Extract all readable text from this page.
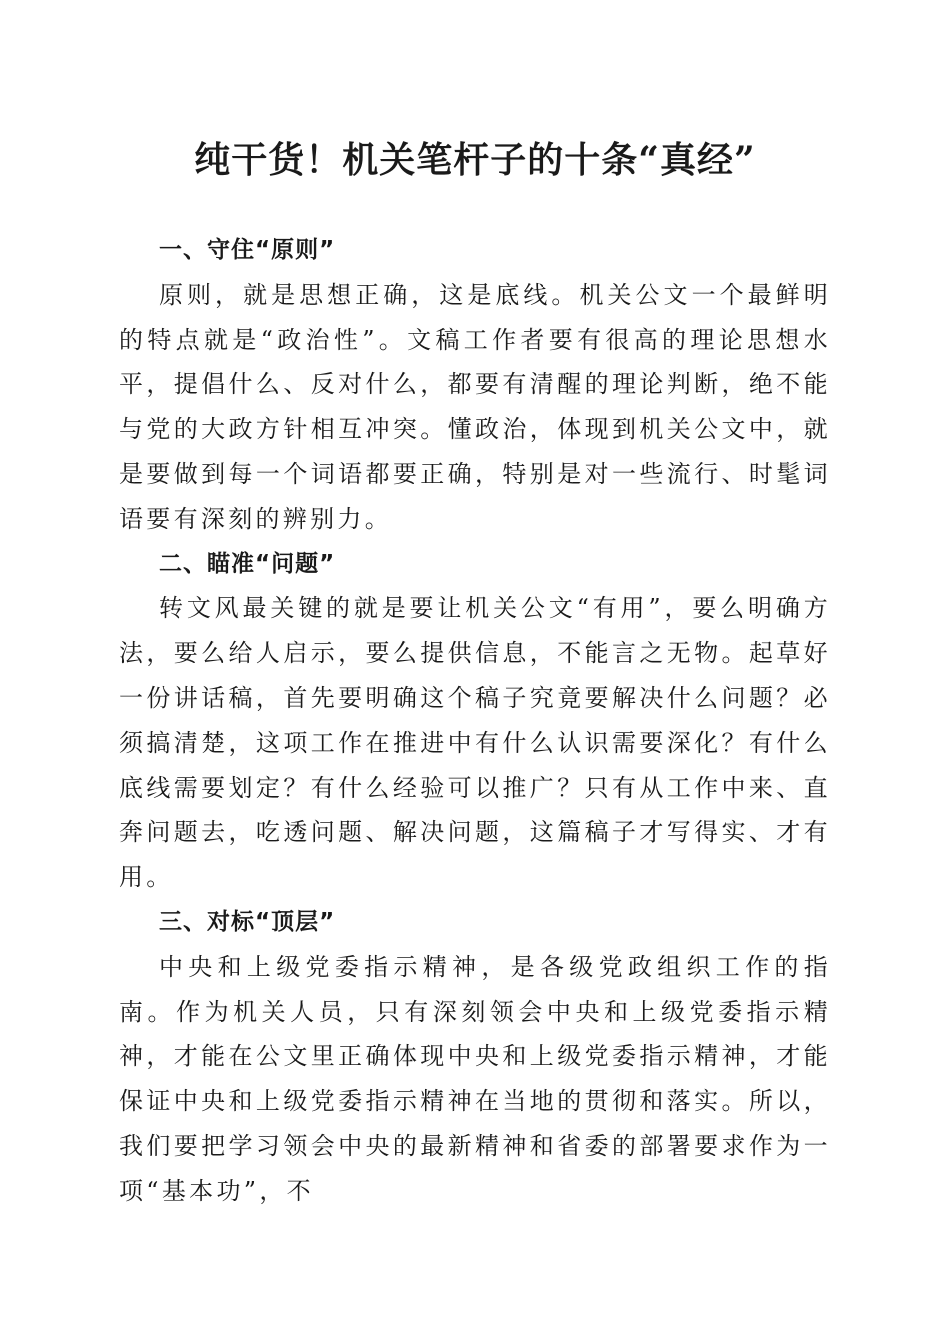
纯干货！机关笔杆子的十条“真经”
一、守住“原则”

原则，就是思想正确，这是底线。机关公文一个最鲜明的特点就是“政治性”。文稿工作者要有很高的理论思想水平，提倡什么、反对什么，都要有清醒的理论判断，绝不能与党的大政方针相互冲突。懂政治，体现到机关公文中，就是要做到每一个词语都要正确，特别是对一些流行、时髦词语要有深刻的辨别力。

二、瞄准“问题”

转文风最关键的就是要让机关公文“有用”，要么明确方法，要么给人启示，要么提供信息，不能言之无物。起草好一份讲话稿，首先要明确这个稿子究竟要解决什么问题？必须搞清楚，这项工作在推进中有什么认识需要深化？有什么底线需要划定？有什么经验可以推广？只有从工作中来、直奔问题去，吃透问题、解决问题，这篇稿子才写得实、才有用。

三、对标“顶层”

中央和上级党委指示精神，是各级党政组织工作的指南。作为机关人员，只有深刻领会中央和上级党委指示精神，才能在公文里正确体现中央和上级党委指示精神，才能保证中央和上级党委指示精神在当地的贯彻和落实。所以，我们要把学习领会中央的最新精神和省委的部署要求作为一项“基本功”，不
